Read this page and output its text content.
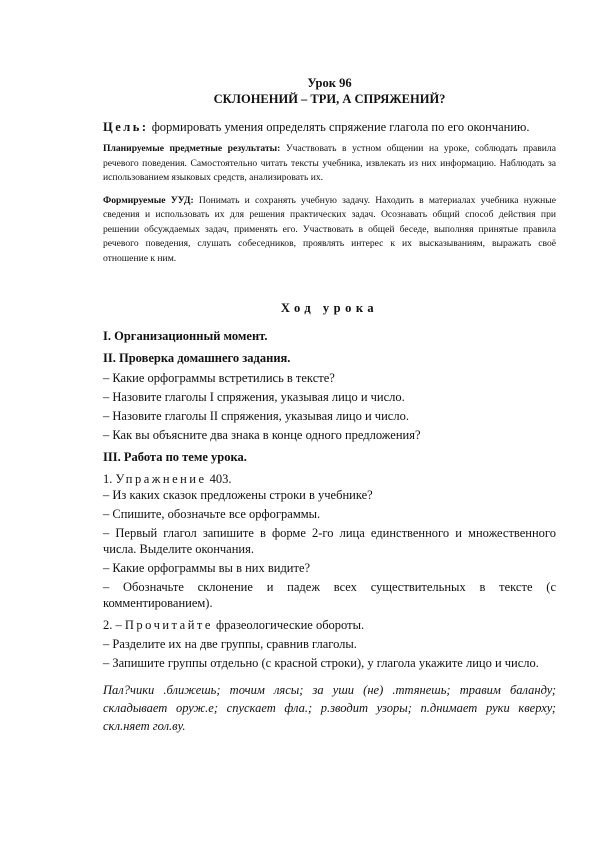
Урок 96

СКЛОНЕНИЙ – ТРИ, А СПРЯЖЕНИЙ?

Цель: формировать умения определять спряжение глагола по его окончанию.

Планируемые предметные результаты: Участвовать в устном общении на уроке, соблюдать правила речевого поведения. Самостоятельно читать тексты учебника, извлекать из них информацию. Наблюдать за использованием языковых средств, анализировать их.

Формируемые УУД: Понимать и сохранять учебную задачу. Находить в материалах учебника нужные сведения и использовать их для решения практических задач. Осознавать общий способ действия при решении обсуждаемых задач, применять его. Участвовать в общей беседе, выполняя принятые правила речевого поведения, слушать собеседников, проявлять интерес к их высказываниям, выражать своё отношение к ним.

Ход урока

I. Организационный момент.

II. Проверка домашнего задания.

– Какие орфограммы встретились в тексте?

– Назовите глаголы I спряжения, указывая лицо и число.

– Назовите глаголы II спряжения, указывая лицо и число.

– Как вы объясните два знака в конце одного предложения?

III. Работа по теме урока.

1. Упражнение 403.

– Из каких сказок предложены строки в учебнике?

– Спишите, обозначьте все орфограммы.

– Первый глагол запишите в форме 2-го лица единственного и множественного числа. Выделите окончания.

– Какие орфограммы вы в них видите?

– Обозначьте склонение и падеж всех существительных в тексте (с комментированием).

2. – Прочитайте фразеологические обороты.

– Разделите их на две группы, сравнив глаголы.

– Запишите группы отдельно (с красной строки), у глагола укажите лицо и число.

Пал?чики .ближешь; точим лясы; за уши (не) .ттянешь; травим баланду; складывает оруж.е; спускает фла.; р.зводит узоры; п.днимает руки кверху; скл.няет гол.ву.
